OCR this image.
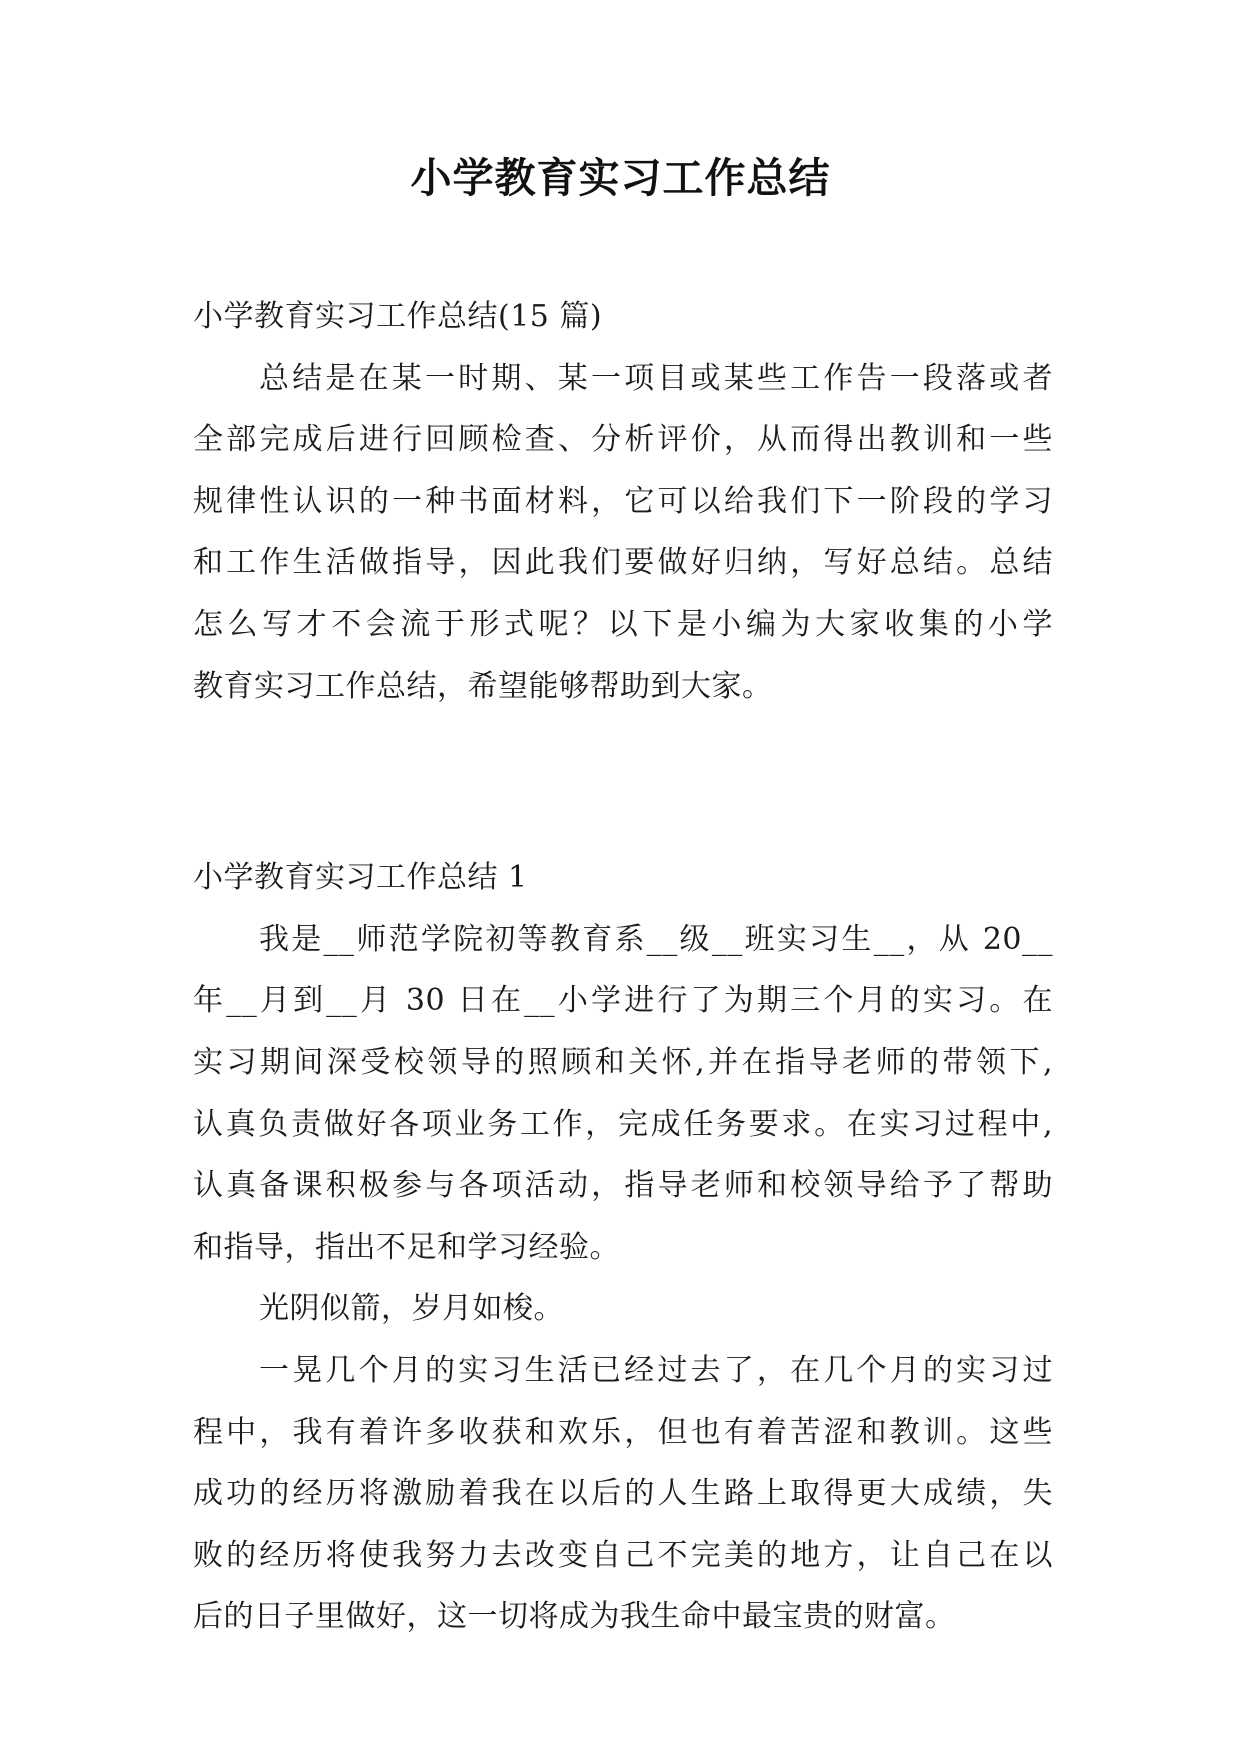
小学教育实习工作总结
小学教育实习工作总结(15 篇)
总结是在某一时期、某一项目或某些工作告一段落或者
全部完成后进行回顾检查、分析评价，从而得出教训和一些
规律性认识的一种书面材料，它可以给我们下一阶段的学习
和工作生活做指导，因此我们要做好归纳，写好总结。总结
怎么写才不会流于形式呢？以下是小编为大家收集的小学
教育实习工作总结，希望能够帮助到大家。
小学教育实习工作总结 1
我是__师范学院初等教育系__级__班实习生__，从 20__
年__月到__月 30 日在__小学进行了为期三个月的实习。在
实习期间深受校领导的照顾和关怀,并在指导老师的带领下,
认真负责做好各项业务工作，完成任务要求。在实习过程中,
认真备课积极参与各项活动，指导老师和校领导给予了帮助
和指导，指出不足和学习经验。
光阴似箭，岁月如梭。
一晃几个月的实习生活已经过去了，在几个月的实习过
程中，我有着许多收获和欢乐，但也有着苦涩和教训。这些
成功的经历将激励着我在以后的人生路上取得更大成绩，失
败的经历将使我努力去改变自己不完美的地方，让自己在以
后的日子里做好，这一切将成为我生命中最宝贵的财富。
